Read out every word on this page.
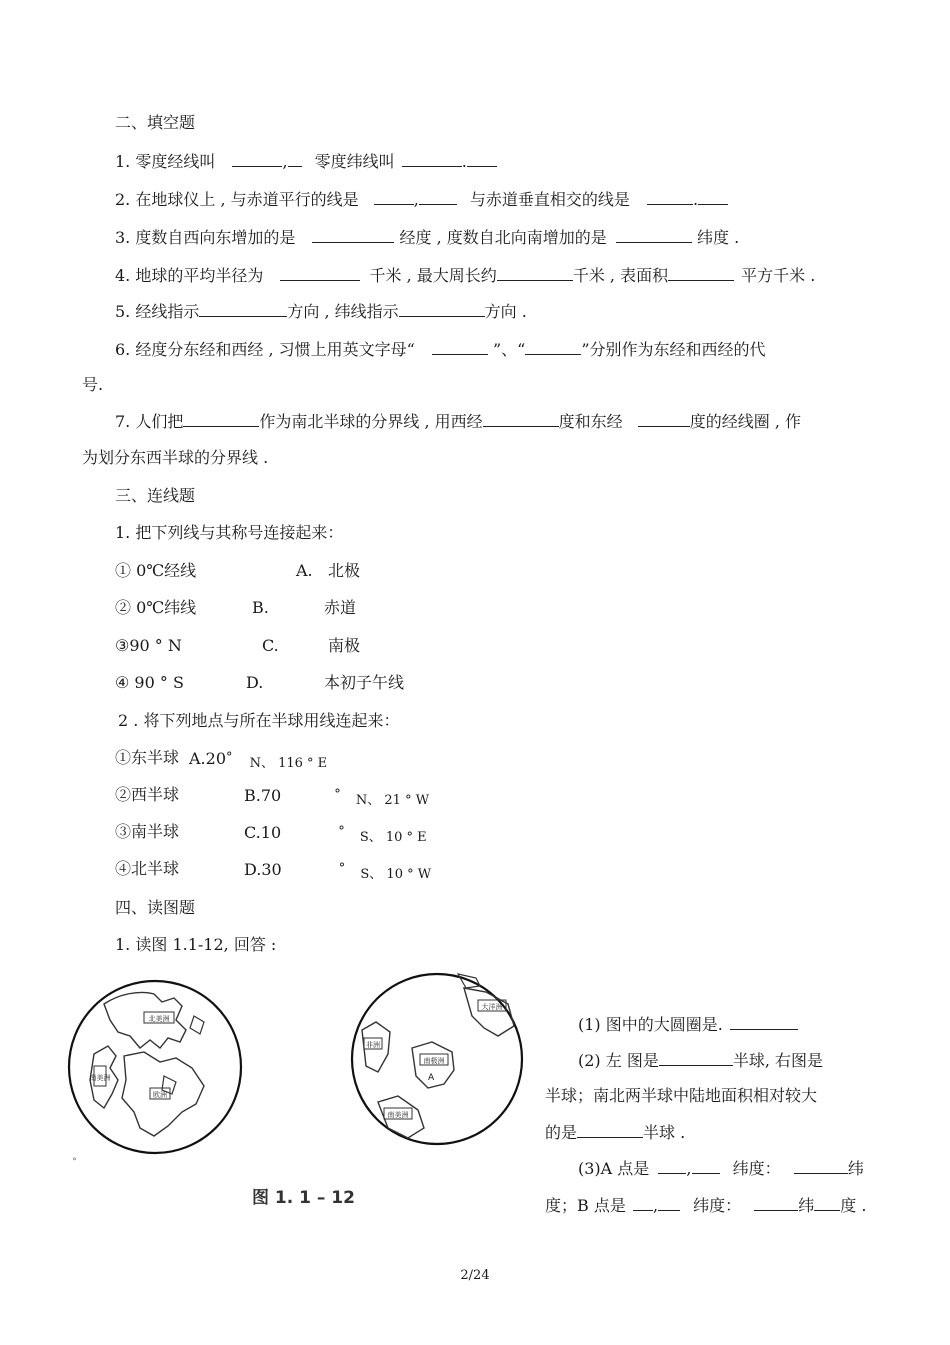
二、填空题
1. 零度经线叫	, 零度纬线叫	.
2. 在地球仪上 , 与赤道平行的线是	,	与赤道垂直相交的线是	.
3. 度数自西向东增加的是	经度 , 度数自北向南增加的是	纬度 .
4. 地球的平均半径为	千米 , 最大周长约	千米 , 表面积	平方千米 .
5. 经线指示	方向 , 纬线指示	方向 .
6. 经度分东经和西经 , 习惯上用英文字母“	”、“	”分别作为东经和西经的代
号.
7. 人们把	作为南北半球的分界线 , 用西经	度和东经	度的经线圈 , 作
为划分东西半球的分界线 .
三、连线题
1. 把下列线与其称号连接起来：
① 0℃经线	A. 北极
② 0℃纬线	B.	赤道
③90 ° N	C.	南极
④ 90 ° S	D.	本初子午线
2 . 将下列地点与所在半球用线连起来：
①东半球 A.20° N、 116 ° E
②西半球	B.70	° N、 21 ° W
③南半球	C.10	° S、 10 ° E
④北半球	D.30	° S、 10 ° W
四、读图题
1. 读图 1.1-12, 回答 :
北美洲
南美洲
欧洲
∘
图 1. 1 – 12
南极洲
大洋洲
非洲
南美洲
A
(1) 图中的大圆圈是.
(2) 左 图是	半球, 右图是
半球；南北两半球中陆地面积相对较大
的是	半球 .
(3)A 点是 ,	纬度：	纬
度；B 点是 , 纬度：	纬 度 .
2/24
